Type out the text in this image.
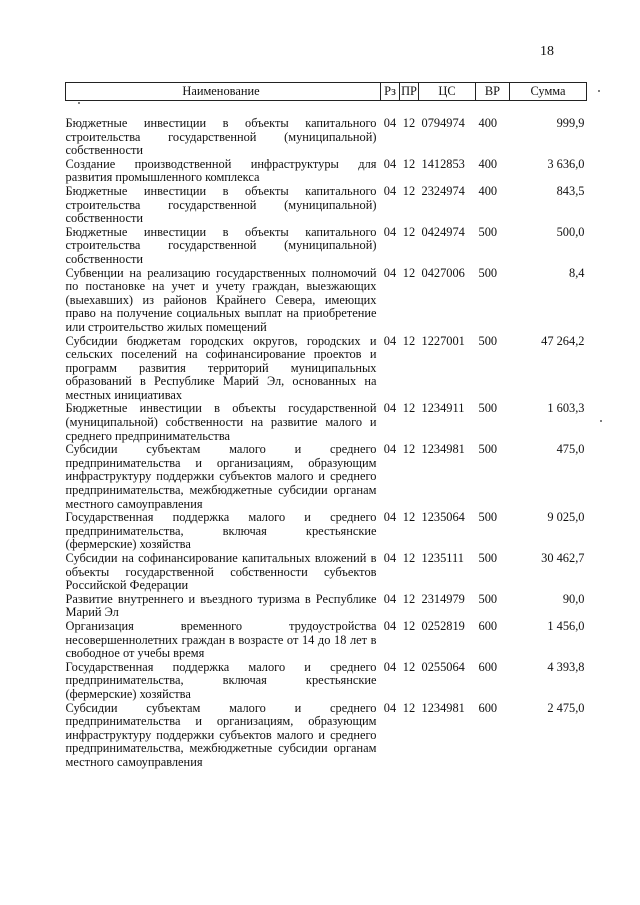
18
Наименование	Рз	ПР	ЦС	ВР	Сумма
Бюджетные инвестиции в объекты капитального строительства государственной (муниципальной) собственности	04	12	0794974	400	999,9
Создание производственной инфраструктуры для развития промышленного комплекса	04	12	1412853	400	3 636,0
Бюджетные инвестиции в объекты капитального строительства государственной (муниципальной) собственности	04	12	2324974	400	843,5
Бюджетные инвестиции в объекты капитального строительства государственной (муниципальной) собственности	04	12	0424974	500	500,0
Субвенции на реализацию государственных полномочий по постановке на учет и учету граждан, выезжающих (выехавших) из районов Крайнего Севера, имеющих право на получение социальных выплат на приобретение или строительство жилых помещений	04	12	0427006	500	8,4
Субсидии бюджетам городских округов, городских и сельских поселений на софинансирование проектов и программ развития территорий муниципальных образований в Республике Марий Эл, основанных на местных инициативах	04	12	1227001	500	47 264,2
Бюджетные инвестиции в объекты государственной (муниципальной) собственности на развитие малого и среднего предпринимательства	04	12	1234911	500	1 603,3
Субсидии субъектам малого и среднего предпринимательства и организациям, образующим инфраструктуру поддержки субъектов малого и среднего предпринимательства, межбюджетные субсидии органам местного самоуправления	04	12	1234981	500	475,0
Государственная поддержка малого и среднего предпринимательства, включая крестьянские (фермерские) хозяйства	04	12	1235064	500	9 025,0
Субсидии на софинансирование капитальных вложений в объекты государственной собственности субъектов Российской Федерации	04	12	1235111	500	30 462,7
Развитие внутреннего и въездного туризма в Республике Марий Эл	04	12	2314979	500	90,0
Организация временного трудоустройства несовершеннолетних граждан в возрасте от 14 до 18 лет в свободное от учебы время	04	12	0252819	600	1 456,0
Государственная поддержка малого и среднего предпринимательства, включая крестьянские (фермерские) хозяйства	04	12	0255064	600	4 393,8
Субсидии субъектам малого и среднего предпринимательства и организациям, образующим инфраструктуру поддержки субъектов малого и среднего предпринимательства, межбюджетные субсидии органам местного самоуправления	04	12	1234981	600	2 475,0
